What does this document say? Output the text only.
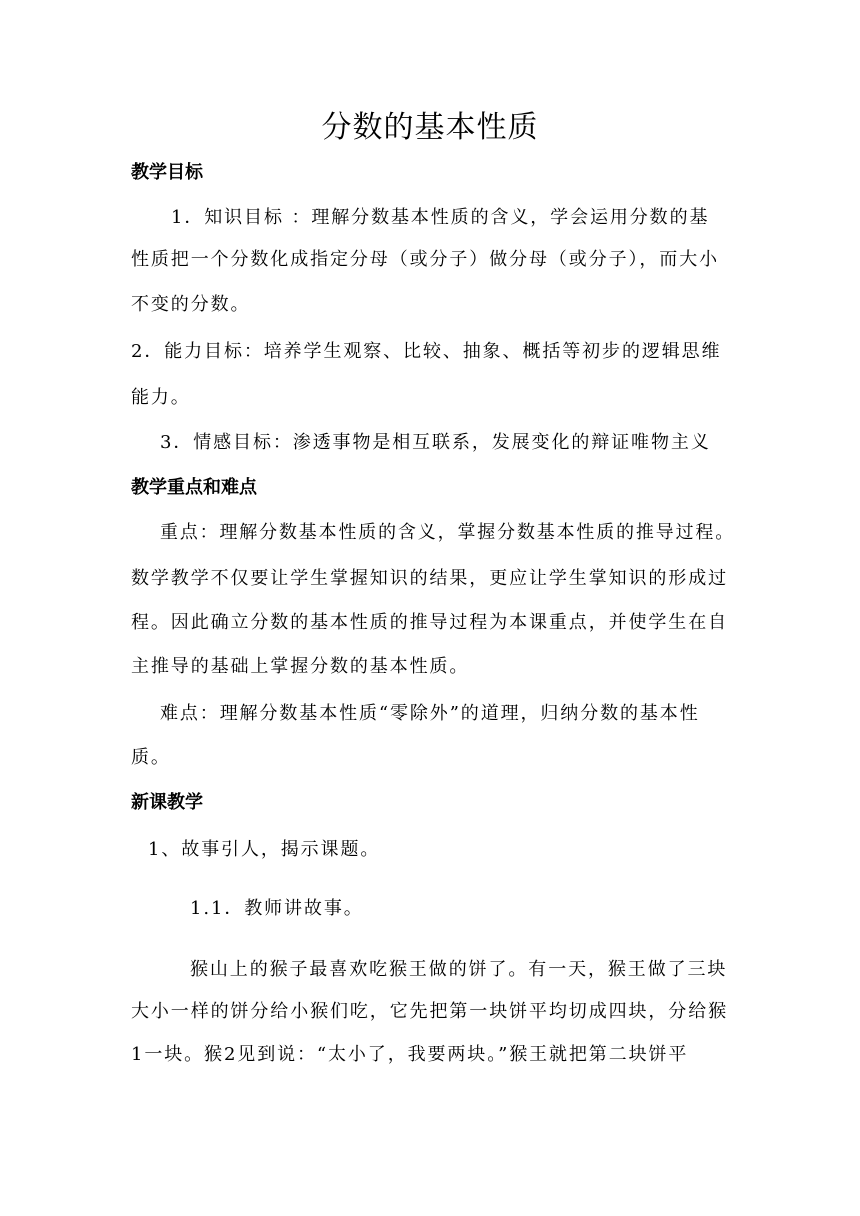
分数的基本性质
教学目标
1．知识目标 ：理解分数基本性质的含义，学会运用分数的基
性质把一个分数化成指定分母（或分子）做分母（或分子），而大小
不变的分数。
2．能力目标：培养学生观察、比较、抽象、概括等初步的逻辑思维
能力。
3．情感目标：渗透事物是相互联系，发展变化的辩证唯物主义
教学重点和难点
重点：理解分数基本性质的含义，掌握分数基本性质的推导过程。
数学教学不仅要让学生掌握知识的结果，更应让学生掌知识的形成过
程。因此确立分数的基本性质的推导过程为本课重点，并使学生在自
主推导的基础上掌握分数的基本性质。
难点：理解分数基本性质“零除外”的道理，归纳分数的基本性
质。
新课教学
1、故事引人，揭示课题。
1.1．教师讲故事。
猴山上的猴子最喜欢吃猴王做的饼了。有一天，猴王做了三块
大小一样的饼分给小猴们吃，它先把第一块饼平均切成四块，分给猴
1一块。猴2见到说：“太小了，我要两块。”猴王就把第二块饼平
